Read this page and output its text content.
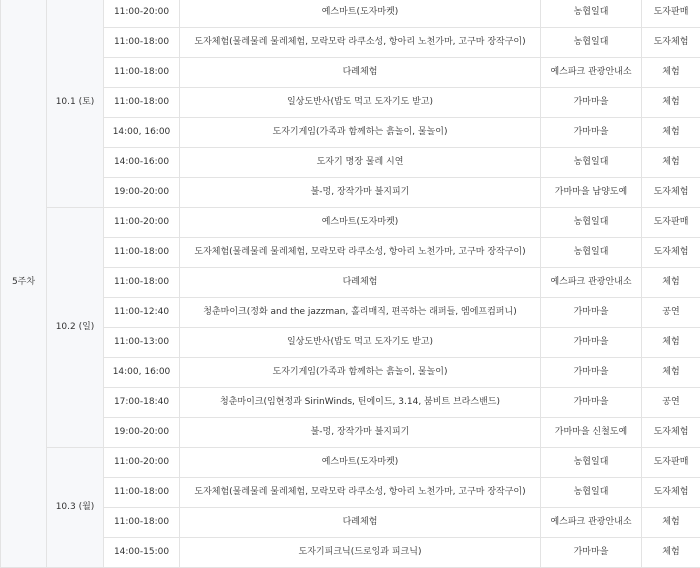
5주차	10.1 (토)	11:00-20:00	예스마트(도자마켓)	농협일대	도자판매
		11:00-18:00	도자체험(물레물레 물레체험, 모락모락 라쿠소성, 항아리 노천가마, 고구마 장작구이)	농협일대	도자체험
		11:00-18:00	다례체험	예스파크 관광안내소	체험
		11:00-18:00	일상도반사(밥도 먹고 도자기도 받고)	가마마을	체험
		14:00, 16:00	도자기게임(가족과 함께하는 흙놀이, 물놀이)	가마마을	체험
		14:00-16:00	도자기 명장 물레 시연	농협일대	체험
		19:00-20:00	불-멍, 장작가마 불지피기	가마마을 남양도예	도자체험
	10.2 (일)	11:00-20:00	예스마트(도자마켓)	농협일대	도자판매
		11:00-18:00	도자체험(물레물레 물레체험, 모락모락 라쿠소성, 항아리 노천가마, 고구마 장작구이)	농협일대	도자체험
		11:00-18:00	다례체험	예스파크 관광안내소	체험
		11:00-12:40	청춘마이크(정화 and the jazzman, 홀리매직, 편곡하는 래퍼들, 엠에프컴퍼니)	가마마을	공연
		11:00-13:00	일상도반사(밥도 먹고 도자기도 받고)	가마마을	체험
		14:00, 16:00	도자기게임(가족과 함께하는 흙놀이, 물놀이)	가마마을	체험
		17:00-18:40	청춘마이크(임현정과 SirinWinds, 틴에이드, 3.14, 붐비트 브라스밴드)	가마마을	공연
		19:00-20:00	불-멍, 장작가마 불지피기	가마마을 신철도예	도자체험
	10.3 (월)	11:00-20:00	예스마트(도자마켓)	농협일대	도자판매
		11:00-18:00	도자체험(물레물레 물레체험, 모락모락 라쿠소성, 항아리 노천가마, 고구마 장작구이)	농협일대	도자체험
		11:00-18:00	다례체험	예스파크 관광안내소	체험
		14:00-15:00	도자기피크닉(드로잉과 피크닉)	가마마을	체험
